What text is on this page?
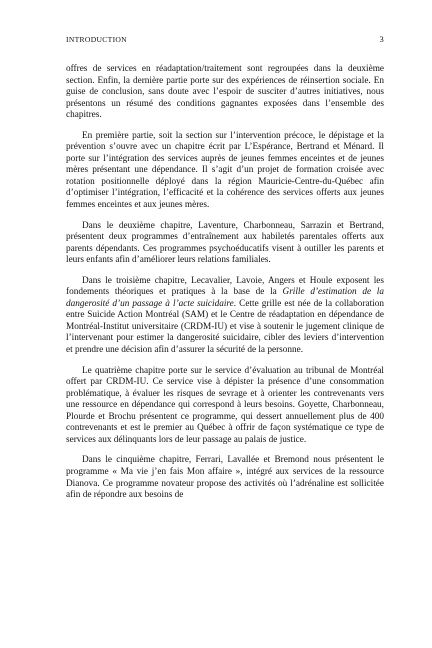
INTRODUCTION	3

offres de services en réadaptation/traitement sont regroupées dans la deuxième section. Enfin, la dernière partie porte sur des expériences de réinsertion sociale. En guise de conclusion, sans doute avec l’espoir de susciter d’autres initiatives, nous présentons un résumé des conditions gagnantes exposées dans l’ensemble des chapitres.

En première partie, soit la section sur l’intervention précoce, le dépistage et la prévention s’ouvre avec un chapitre écrit par L’Espérance, Bertrand et Ménard. Il porte sur l’intégration des services auprès de jeunes femmes enceintes et de jeunes mères présentant une dépendance. Il s’agit d’un projet de formation croisée avec rotation positionnelle déployé dans la région Mauricie-Centre-du-Québec afin d’optimiser l’intégration, l’efficacité et la cohérence des services offerts aux jeunes femmes enceintes et aux jeunes mères.

Dans le deuxième chapitre, Laventure, Charbonneau, Sarrazin et Bertrand, présentent deux programmes d’entraînement aux habiletés parentales offerts aux parents dépendants. Ces programmes psychoéducatifs visent à outiller les parents et leurs enfants afin d’améliorer leurs relations familiales.

Dans le troisième chapitre, Lecavalier, Lavoie, Angers et Houle exposent les fondements théoriques et pratiques à la base de la Grille d’estimation de la dangerosité d’un passage à l’acte suicidaire. Cette grille est née de la collaboration entre Suicide Action Montréal (SAM) et le Centre de réadaptation en dépendance de Montréal-Institut universitaire (CRDM-IU) et vise à soutenir le jugement clinique de l’intervenant pour estimer la dangerosité suicidaire, cibler des leviers d’intervention et prendre une décision afin d’assurer la sécurité de la personne.

Le quatrième chapitre porte sur le service d’évaluation au tribunal de Montréal offert par CRDM-IU. Ce service vise à dépister la présence d’une consommation problématique, à évaluer les risques de sevrage et à orienter les contrevenants vers une ressource en dépendance qui correspond à leurs besoins. Goyette, Charbonneau, Plourde et Brochu présentent ce programme, qui dessert annuellement plus de 400 contrevenants et est le premier au Québec à offrir de façon systématique ce type de services aux délinquants lors de leur passage au palais de justice.

Dans le cinquième chapitre, Ferrari, Lavallée et Bremond nous présentent le programme « Ma vie j’en fais Mon affaire », intégré aux services de la ressource Dianova. Ce programme novateur propose des activités où l’adrénaline est sollicitée afin de répondre aux besoins de
